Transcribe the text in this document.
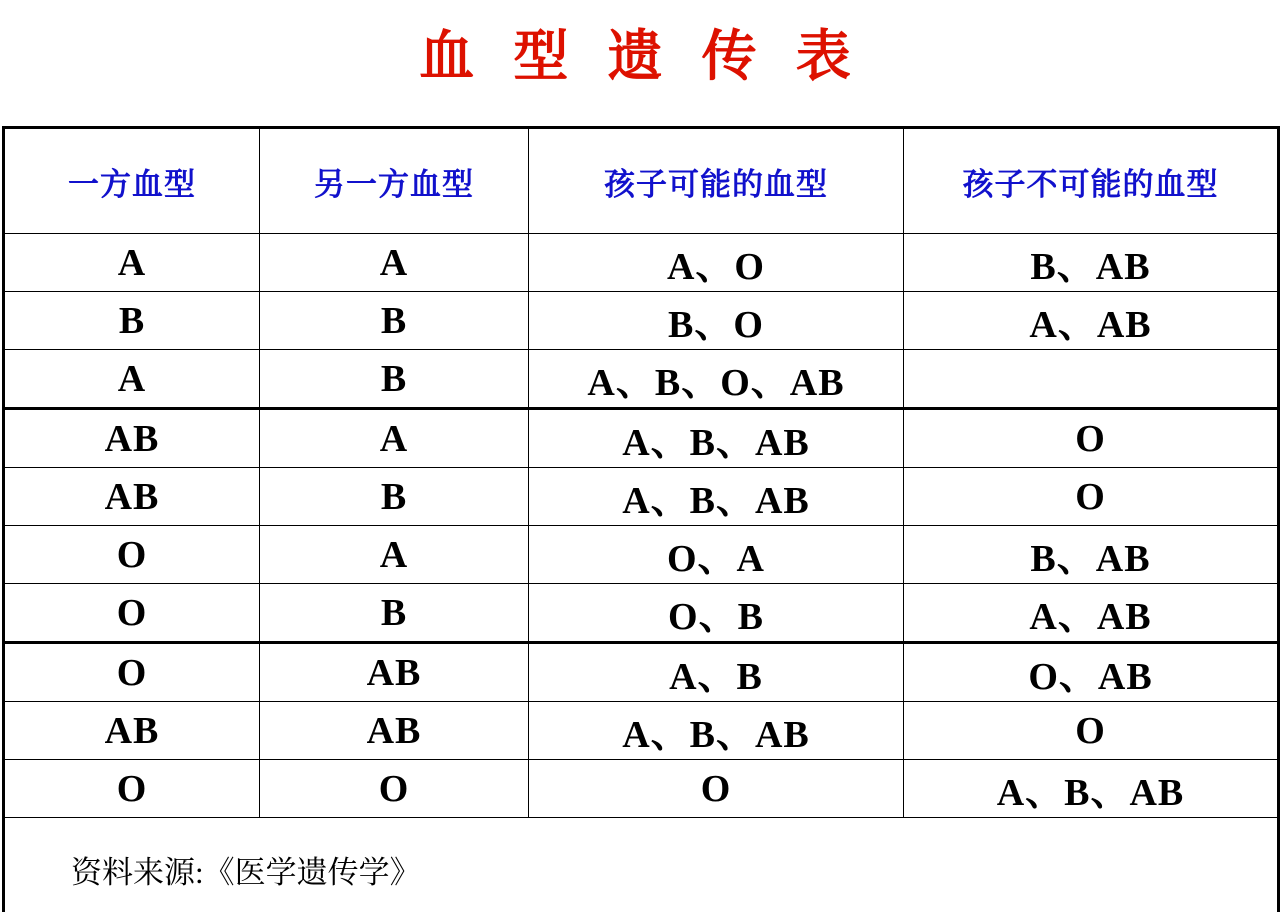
血 型 遗 传 表
一方血型	另一方血型	孩子可能的血型	孩子不可能的血型
A	A	A、O	B、AB
B	B	B、O	A、AB
A	B	A、B、O、AB	
AB	A	A、B、AB	O
AB	B	A、B、AB	O
O	A	O、A	B、AB
O	B	O、B	A、AB
O	AB	A、B	O、AB
AB	AB	A、B、AB	O
O	O	O	A、B、AB
资料来源:《医学遗传学》			
